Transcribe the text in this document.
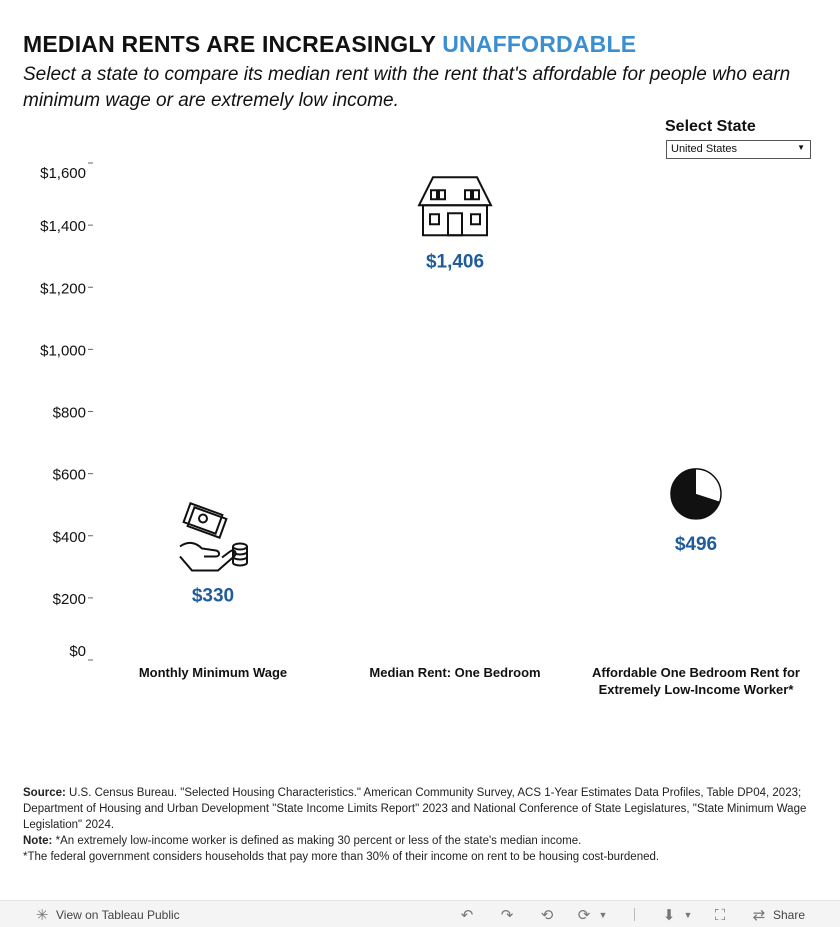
MEDIAN RENTS ARE INCREASINGLY UNAFFORDABLE
Select a state to compare its median rent with the rent that's affordable for people who earn minimum wage or are extremely low income.
Select State
United States	▼
$0
$200
$400
$600
$800
$1,000
$1,200
$1,400
$1,600
Monthly Minimum Wage	Median Rent: One Bedroom	Affordable One Bedroom Rent for Extremely Low-Income Worker*
$330
$1,406
$496
Source: U.S. Census Bureau. "Selected Housing Characteristics." American Community Survey, ACS 1-Year Estimates Data Profiles, Table DP04, 2023; Department of Housing and Urban Development "State Income Limits Report" 2023 and National Conference of State Legislatures, "State Minimum Wage Legislation" 2024.
Note: *An extremely low-income worker is defined as making 30 percent or less of the state's median income.
*The federal government considers households that pay more than 30% of their income on rent to be housing cost-burdened.
✳ View on Tableau Public	↶ ↷ ⟲ ⟳ ▼	⬇ ▼ ⛶ ⇄ Share
